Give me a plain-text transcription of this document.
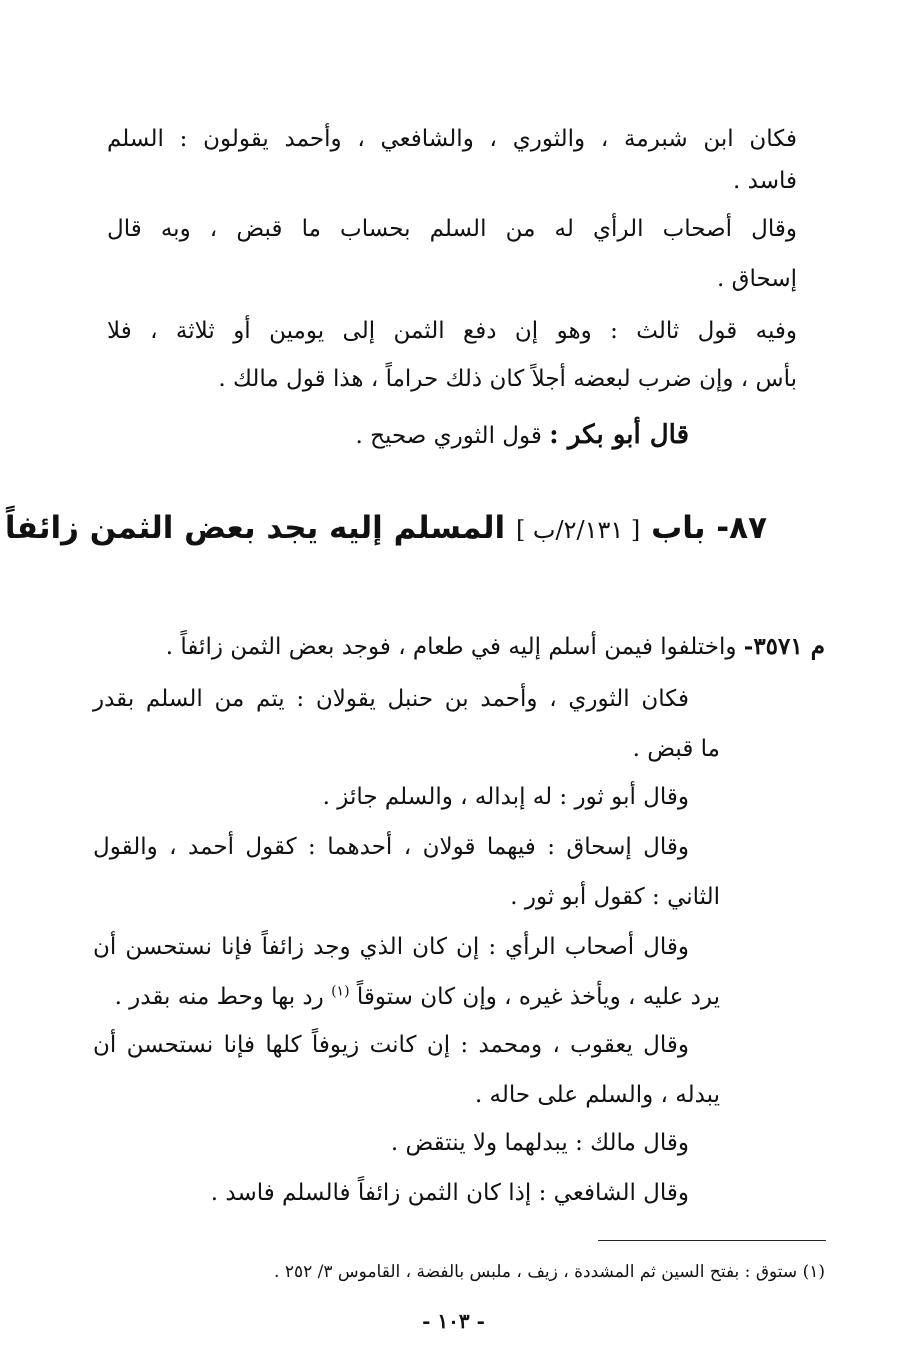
فكان ابن شبرمة ، والثوري ، والشافعي ، وأحمد يقولون : السلم
فاسد .
وقال أصحاب الرأي له من السلم بحساب ما قبض ، وبه قال
إسحاق .
وفيه قول ثالث : وهو إن دفع الثمن إلى يومين أو ثلاثة ، فلا
بأس ، وإن ضرب لبعضه أجلاً كان ذلك حراماً ، هذا قول مالك .
قال أبو بكر : قول الثوري صحيح .
٨٧- باب [ ٢/١٣١/ب ] المسلم إليه يجد بعض الثمن زائفاً
م ٣٥٧١- واختلفوا فيمن أسلم إليه في طعام ، فوجد بعض الثمن زائفاً .
فكان الثوري ، وأحمد بن حنبل يقولان : يتم من السلم بقدر
ما قبض .
وقال أبو ثور : له إبداله ، والسلم جائز .
وقال إسحاق : فيهما قولان ، أحدهما : كقول أحمد ، والقول
الثاني : كقول أبو ثور .
وقال أصحاب الرأي : إن كان الذي وجد زائفاً فإنا نستحسن أن
يرد عليه ، ويأخذ غيره ، وإن كان ستوقاً $^{(١)}$ رد بها وحط منه بقدر .
وقال يعقوب ، ومحمد : إن كانت زيوفاً كلها فإنا نستحسن أن
يبدله ، والسلم على حاله .
وقال مالك : يبدلهما ولا ينتقض .
وقال الشافعي : إذا كان الثمن زائفاً فالسلم فاسد .
(١) ستوق : بفتح السين ثم المشددة ، زيف ، ملبس بالفضة ، القاموس ٣/ ٢٥٢ .
- ١٠٣ -
